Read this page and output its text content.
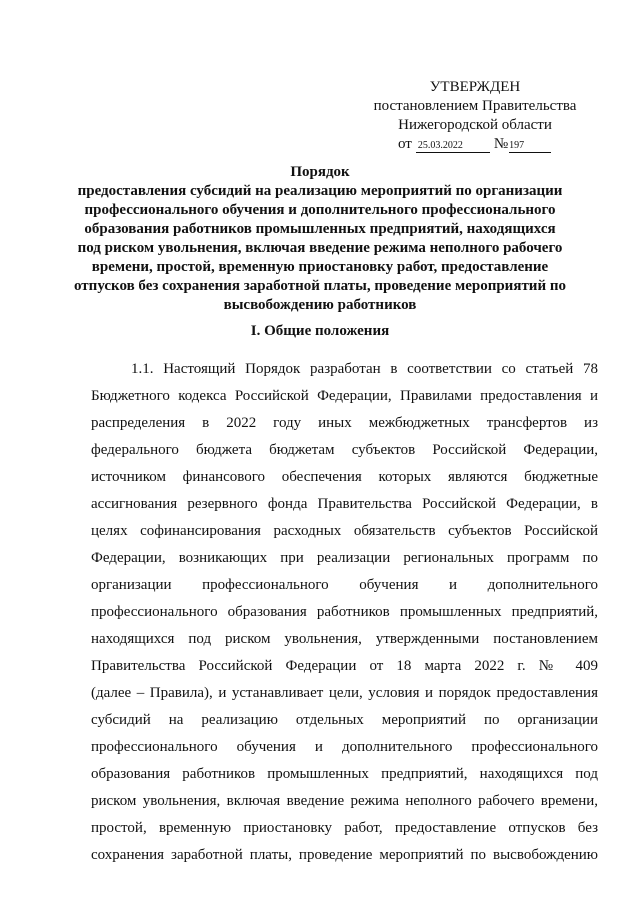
УТВЕРЖДЕН
постановлением Правительства
Нижегородской области
от 25.03.2022	№ 197
Порядок
предоставления субсидий на реализацию мероприятий по организации
профессионального обучения и дополнительного профессионального
образования работников промышленных предприятий, находящихся
под риском увольнения, включая введение режима неполного рабочего
времени, простой, временную приостановку работ, предоставление
отпусков без сохранения заработной платы, проведение мероприятий по
высвобождению работников
I. Общие положения
1.1. Настоящий Порядок разработан в соответствии со статьей 78
Бюджетного кодекса Российской Федерации, Правилами предоставления и
распределения в 2022 году иных межбюджетных трансфертов из
федерального бюджета бюджетам субъектов Российской Федерации,
источником финансового обеспечения которых являются бюджетные
ассигнования резервного фонда Правительства Российской Федерации, в
целях софинансирования расходных обязательств субъектов Российской
Федерации, возникающих при реализации региональных программ по
организации профессионального обучения и дополнительного
профессионального образования работников промышленных предприятий,
находящихся под риском увольнения, утвержденными постановлением
Правительства Российской Федерации от 18 марта 2022 г. № 409
(далее – Правила), и устанавливает цели, условия и порядок предоставления
субсидий на реализацию отдельных мероприятий по организации
профессионального обучения и дополнительного профессионального
образования работников промышленных предприятий, находящихся под
риском увольнения, включая введение режима неполного рабочего времени,
простой, временную приостановку работ, предоставление отпусков без
сохранения заработной платы, проведение мероприятий по высвобождению
